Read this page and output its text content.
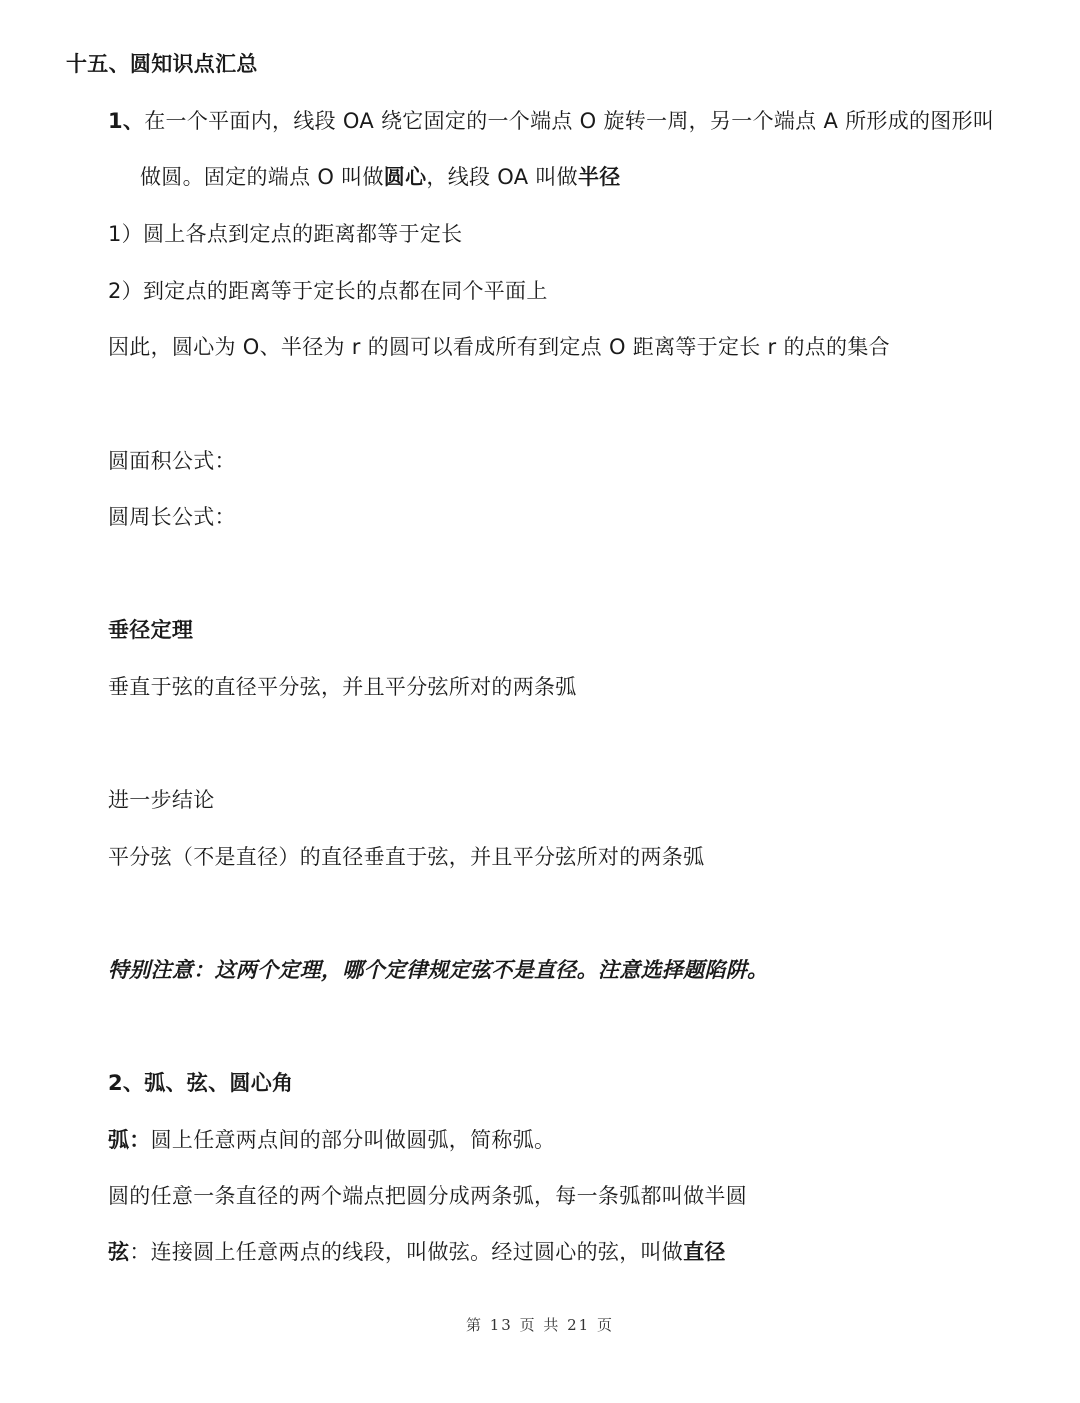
十五、圆知识点汇总
1、在一个平面内，线段 OA 绕它固定的一个端点 O 旋转一周，另一个端点 A 所形成的图形叫
做圆。固定的端点 O 叫做圆心，线段 OA 叫做半径
1）圆上各点到定点的距离都等于定长
2）到定点的距离等于定长的点都在同个平面上
因此，圆心为 O、半径为 r 的圆可以看成所有到定点 O 距离等于定长 r 的点的集合
圆面积公式：
圆周长公式：
垂径定理
垂直于弦的直径平分弦，并且平分弦所对的两条弧
进一步结论
平分弦（不是直径）的直径垂直于弦，并且平分弦所对的两条弧
特别注意：这两个定理，哪个定律规定弦不是直径。注意选择题陷阱。
2、弧、弦、圆心角
弧：圆上任意两点间的部分叫做圆弧，简称弧。
圆的任意一条直径的两个端点把圆分成两条弧，每一条弧都叫做半圆
弦：连接圆上任意两点的线段，叫做弦。经过圆心的弦，叫做直径
第 13 页 共 21 页
